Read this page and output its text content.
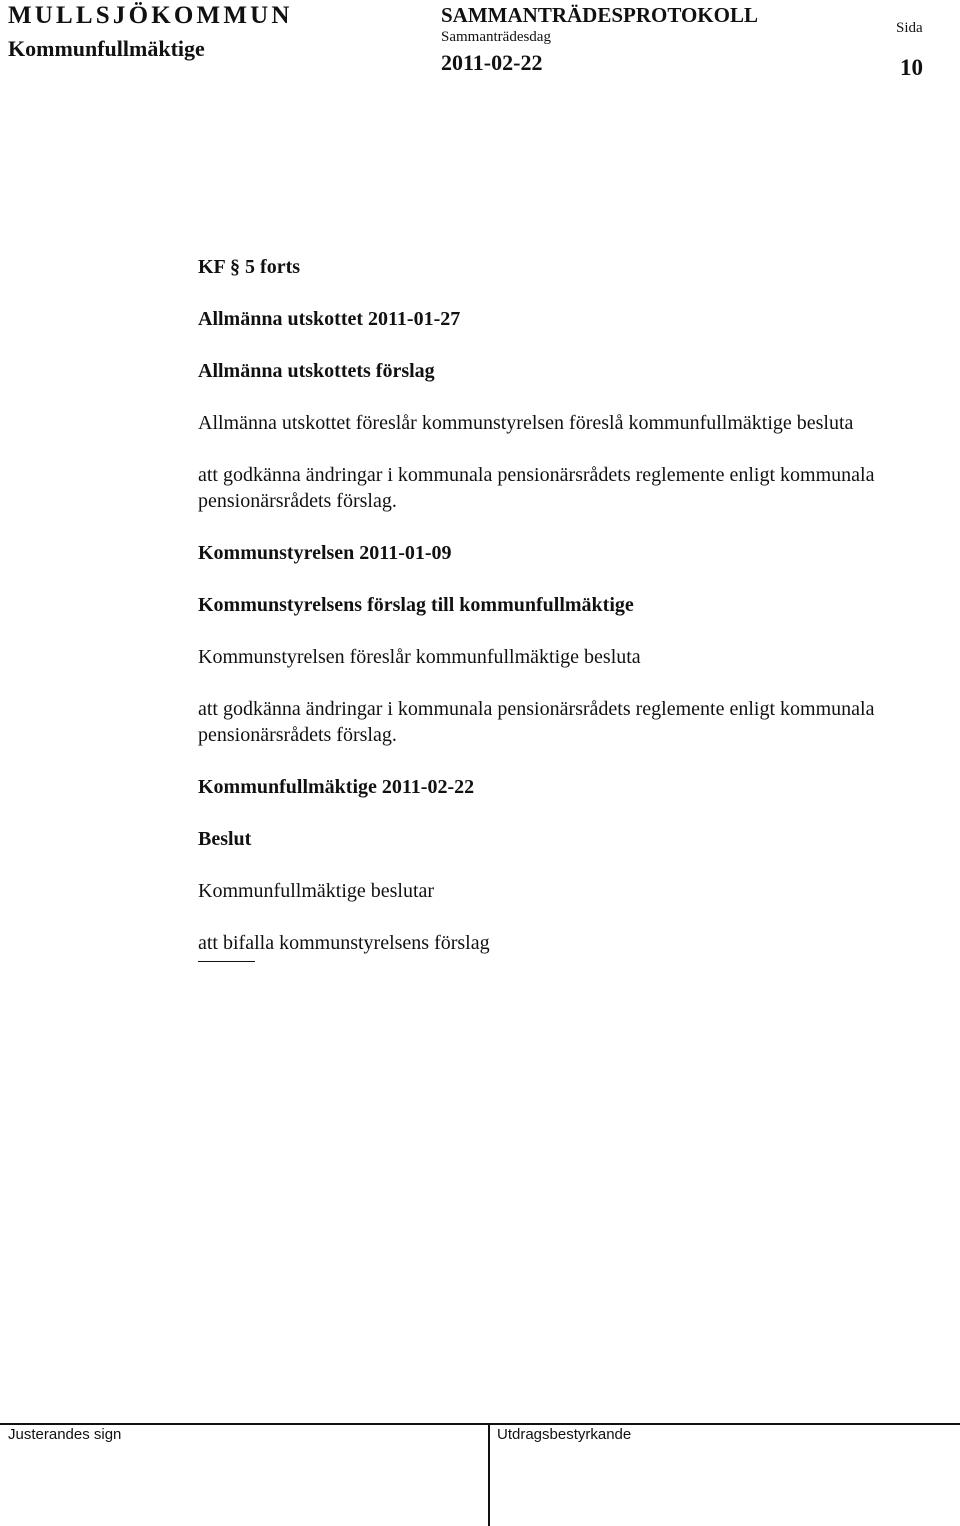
MULLSJÖKOMMUN
Kommunfullmäktige
SAMMANTRÄDESPROTOKOLL
Sammanträdesdag
2011-02-22
Sida
10

KF § 5 forts

Allmänna utskottet 2011-01-27

Allmänna utskottets förslag

Allmänna utskottet föreslår kommunstyrelsen föreslå kommunfullmäktige besluta

att godkänna ändringar i kommunala pensionärsrådets reglemente enligt kommunala pensionärsrådets förslag.

Kommunstyrelsen 2011-01-09

Kommunstyrelsens förslag till kommunfullmäktige

Kommunstyrelsen föreslår kommunfullmäktige besluta

att godkänna ändringar i kommunala pensionärsrådets reglemente enligt kommunala pensionärsrådets förslag.

Kommunfullmäktige 2011-02-22

Beslut

Kommunfullmäktige beslutar

att bifalla kommunstyrelsens förslag

Justerandes sign	Utdragsbestyrkande
